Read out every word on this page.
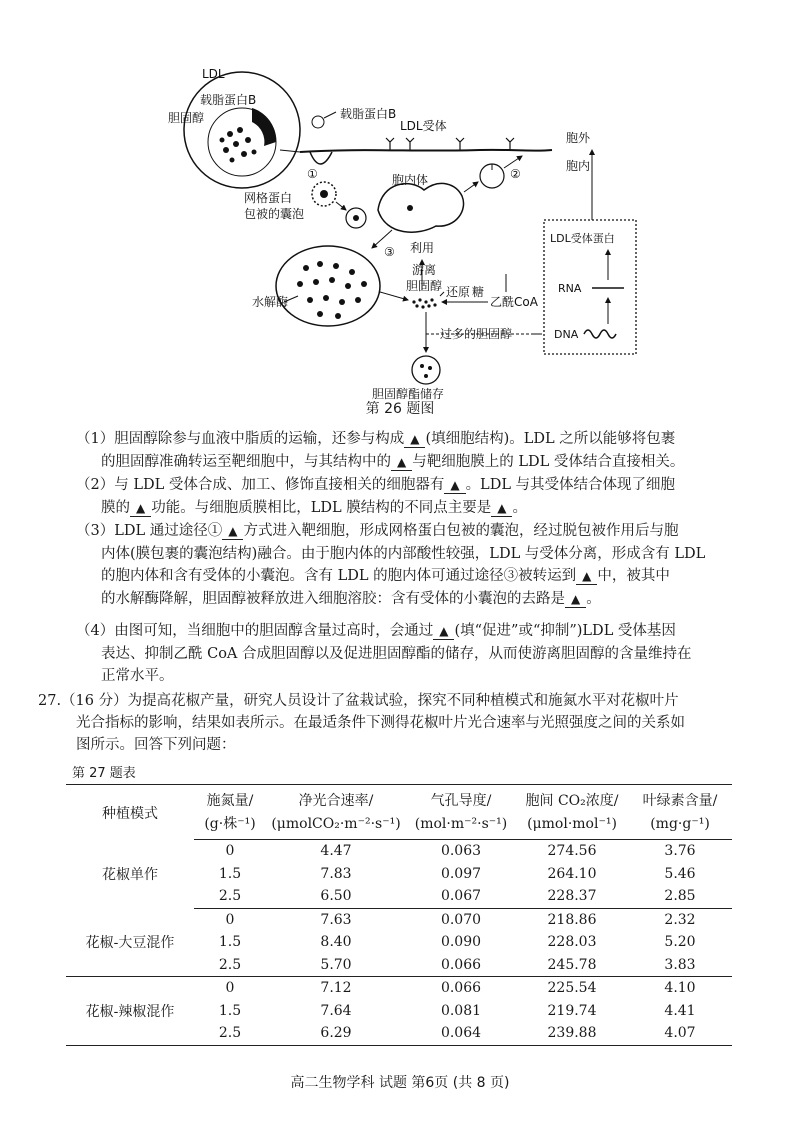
LDL
载脂蛋白B
胆固醇	载脂蛋白B
LDL受体
胞外
胞内
①
网格蛋白
包被的囊泡
胞内体	②
③
水解酶
利用
游离
胆固醇 还原 糖
乙酰CoA
过多的胆固醇
胆固醇酯储存
LDL受体蛋白
RNA
DNA
第 26 题图
（1）胆固醇除参与血液中脂质的运输，还参与构成 ▲ (填细胞结构)。LDL 之所以能够将包裹
的胆固醇准确转运至靶细胞中，与其结构中的 ▲ 与靶细胞膜上的 LDL 受体结合直接相关。
（2）与 LDL 受体合成、加工、修饰直接相关的细胞器有 ▲ 。LDL 与其受体结合体现了细胞
膜的 ▲ 功能。与细胞质膜相比，LDL 膜结构的不同点主要是 ▲ 。
（3）LDL 通过途径① ▲ 方式进入靶细胞，形成网格蛋白包被的囊泡，经过脱包被作用后与胞
内体(膜包裹的囊泡结构)融合。由于胞内体的内部酸性较强，LDL 与受体分离，形成含有 LDL
的胞内体和含有受体的小囊泡。含有 LDL 的胞内体可通过途径③被转运到 ▲ 中，被其中
的水解酶降解，胆固醇被释放进入细胞溶胶：含有受体的小囊泡的去路是 ▲ 。
（4）由图可知，当细胞中的胆固醇含量过高时，会通过 ▲ (填“促进”或“抑制”)LDL 受体基因
表达、抑制乙酰 CoA 合成胆固醇以及促进胆固醇酯的储存，从而使游离胆固醇的含量维持在
正常水平。
27.（16 分）为提高花椒产量，研究人员设计了盆栽试验，探究不同种植模式和施氮水平对花椒叶片
光合指标的影响，结果如表所示。在最适条件下测得花椒叶片光合速率与光照强度之间的关系如
图所示。回答下列问题：
第 27 题表
种植模式	施氮量/	净光合速率/	气孔导度/	胞间 CO₂浓度/	叶绿素含量/
	(g·株⁻¹)	(μmolCO₂·m⁻²·s⁻¹)	(mol·m⁻²·s⁻¹)	(μmol·mol⁻¹)	(mg·g⁻¹)
花椒单作	0	4.47	0.063	274.56	3.76
	1.5	7.83	0.097	264.10	5.46
	2.5	6.50	0.067	228.37	2.85
花椒-大豆混作	0	7.63	0.070	218.86	2.32
	1.5	8.40	0.090	228.03	5.20
	2.5	5.70	0.066	245.78	3.83
花椒-辣椒混作	0	7.12	0.066	225.54	4.10
	1.5	7.64	0.081	219.74	4.41
	2.5	6.29	0.064	239.88	4.07
高二生物学科 试题 第6页 (共 8 页)
